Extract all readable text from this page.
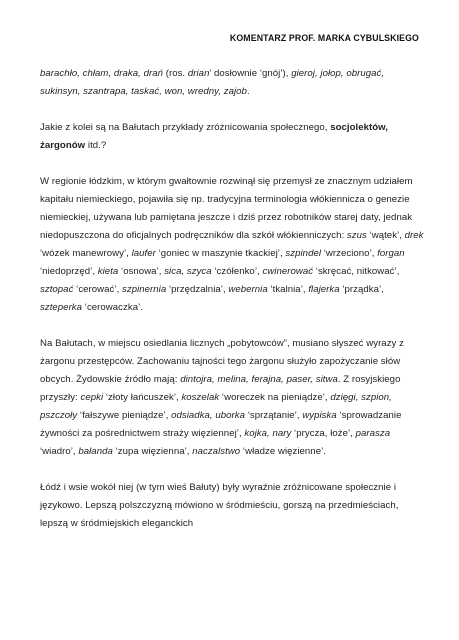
KOMENTARZ PROF. MARKA CYBULSKIEGO

barachło, chłam, draka, drań (ros. drian’ dosłownie ‘gnój’), gieroj, jołop, obrugać, sukinsyn, szantrapa, taskać, won, wredny, zajob.

Jakie z kolei są na Bałutach przykłady zróżnicowania społecznego, socjolektów, żargonów itd.?

W regionie łódzkim, w którym gwałtownie rozwinął się przemysł ze znacznym udziałem kapitału niemieckiego, pojawiła się np. tradycyjna terminologia włókiennicza o genezie niemieckiej, używana lub pamiętana jeszcze i dziś przez robotników starej daty, jednak niedopuszczona do oficjalnych podręczników dla szkół włókienniczych: szus ‘wątek’, drek ‘wózek manewrowy’, laufer ‘goniec w maszynie tkackiej’, szpindel ‘wrzeciono’, forgan ‘niedoprzęd’, kieta ‘osnowa’, sica, szyca ‘czółenko’, cwinerować ‘skręcać, nitkować’, sztopać ‘cerować’, szpinernia ‘przędzalnia’, webernia ‘tkalnia’, flajerka ‘prządka’, szteperka ‘cerowaczka’.

Na Bałutach, w miejscu osiedlania licznych „pobytowców”, musiano słyszeć wyrazy z żargonu przestępców. Zachowaniu tajności tego żargonu służyło zapożyczanie słów obcych. Żydowskie źródło mają: dintojra, melina, ferajna, paser, sitwa. Z rosyjskiego przyszły: cepki ‘złoty łańcuszek’, koszelak ‘woreczek na pieniądze’, dzięgi, szpion, pszczoły ‘fałszywe pieniądze’, odsiadka, uborka ‘sprzątanie’, wypiska ‘sprowadzanie żywności za pośrednictwem straży więziennej’, kojka, nary ‘prycza, łoże’, parasza ‘wiadro’, bałanda ‘zupa więzienna’, naczalstwo ‘władze więzienne’.

Łódź i wsie wokół niej (w tym wieś Bałuty) były wyraźnie zróżnicowane społecznie i językowo. Lepszą polszczyzną mówiono w śródmieściu, gorszą na przedmieściach, lepszą w śródmiejskich eleganckich
